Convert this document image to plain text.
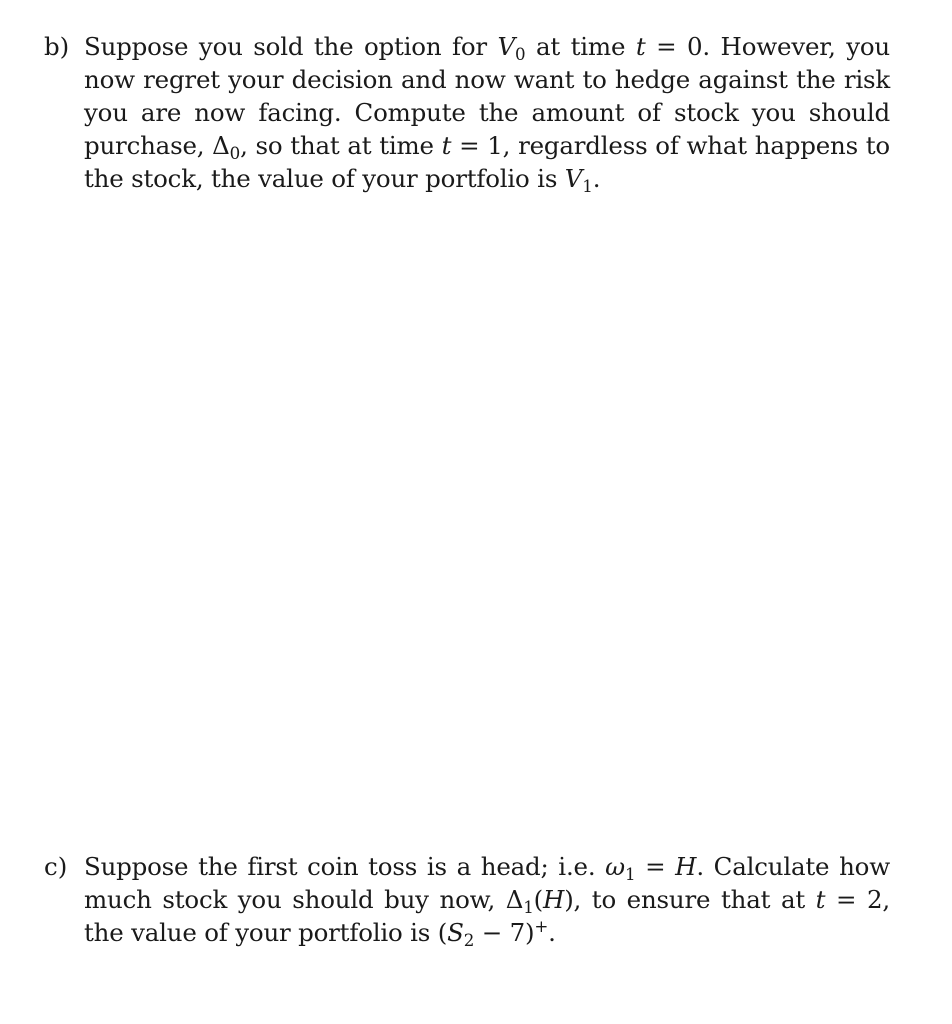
b) Suppose you sold the option for $V_0$ at time t = 0. However, you now regret your decision and now want to hedge against the risk you are now facing. Compute the amount of stock you should purchase, $\Delta_0$, so that at time t = 1, regardless of what happens to the stock, the value of your portfolio is $V_1$.
c) Suppose the first coin toss is a head; i.e. $\omega_1 = H$. Calculate how much stock you should buy now, $\Delta_1(H)$, to ensure that at t = 2, the value of your portfolio is $(S_2 - 7)^+$.
